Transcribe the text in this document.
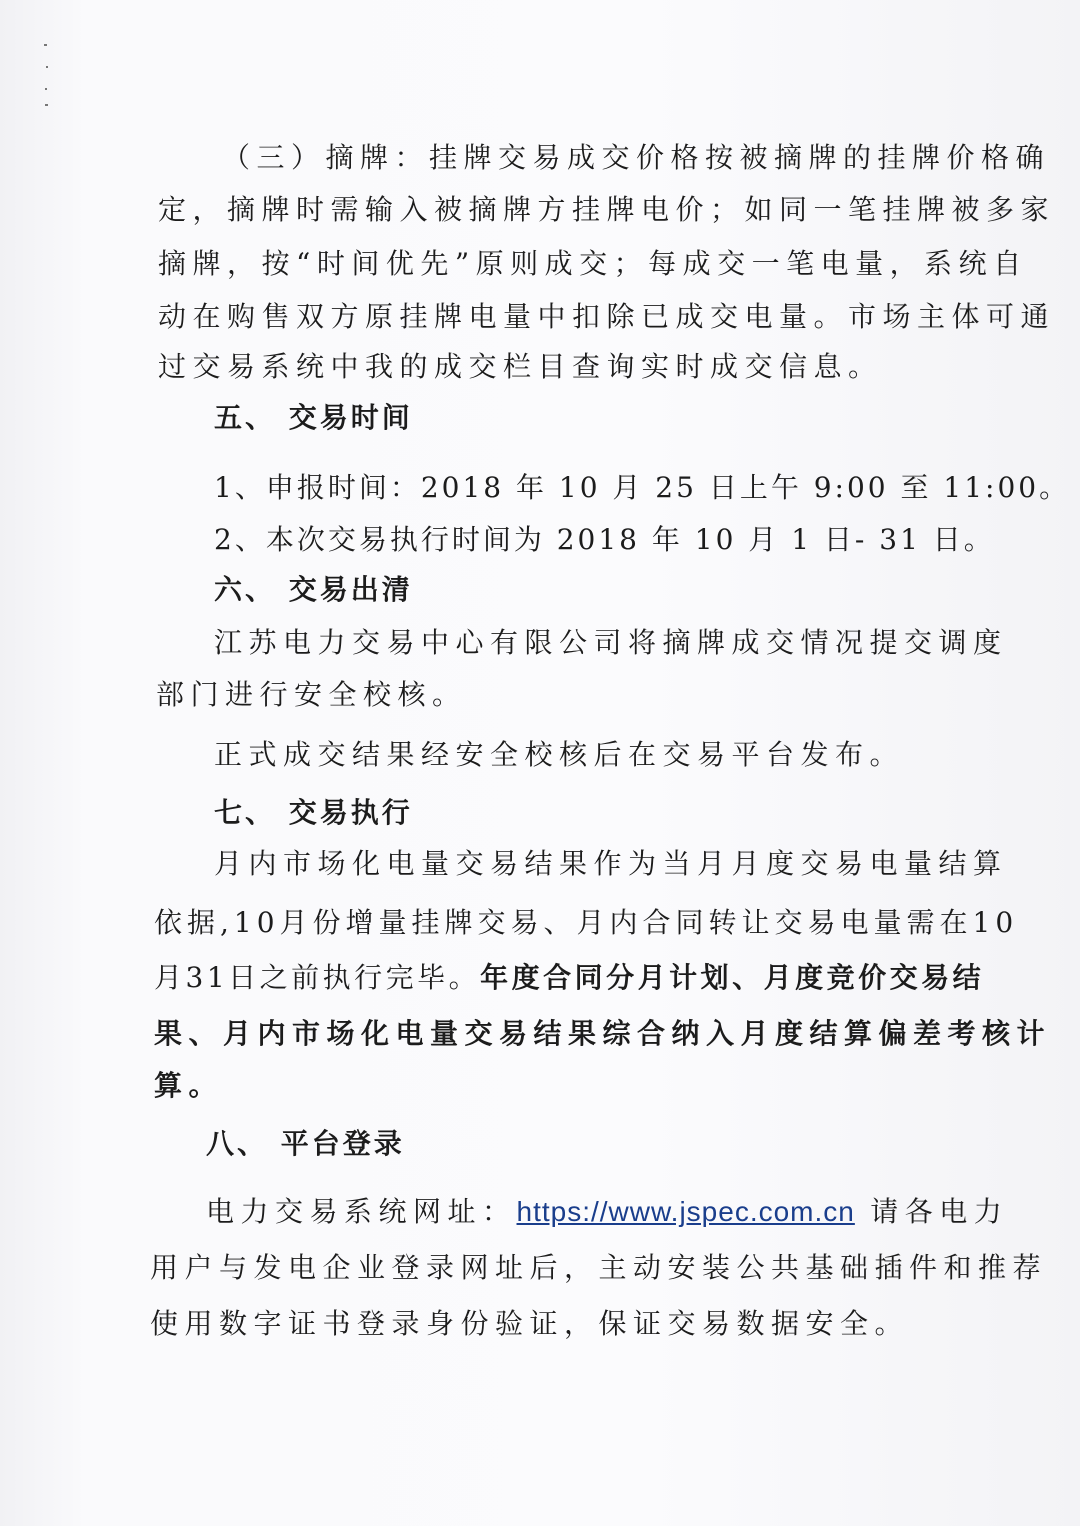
（三）摘牌：挂牌交易成交价格按被摘牌的挂牌价格确
定，摘牌时需输入被摘牌方挂牌电价；如同一笔挂牌被多家
摘牌，按“时间优先”原则成交；每成交一笔电量，系统自
动在购售双方原挂牌电量中扣除已成交电量。市场主体可通
过交易系统中我的成交栏目查询实时成交信息。
五、 交易时间
1、申报时间：2018 年 10 月 25 日上午 9:00 至 11:00。
2、本次交易执行时间为 2018 年 10 月 1 日- 31 日。
六、 交易出清
江苏电力交易中心有限公司将摘牌成交情况提交调度
部门进行安全校核。
正式成交结果经安全校核后在交易平台发布。
七、 交易执行
月内市场化电量交易结果作为当月月度交易电量结算
依据,10月份增量挂牌交易、月内合同转让交易电量需在10
月31日之前执行完毕。年度合同分月计划、月度竞价交易结
果、月内市场化电量交易结果综合纳入月度结算偏差考核计
算。
八、 平台登录
电力交易系统网址：https://www.jspec.com.cn 请各电力
用户与发电企业登录网址后，主动安装公共基础插件和推荐
使用数字证书登录身份验证，保证交易数据安全。
